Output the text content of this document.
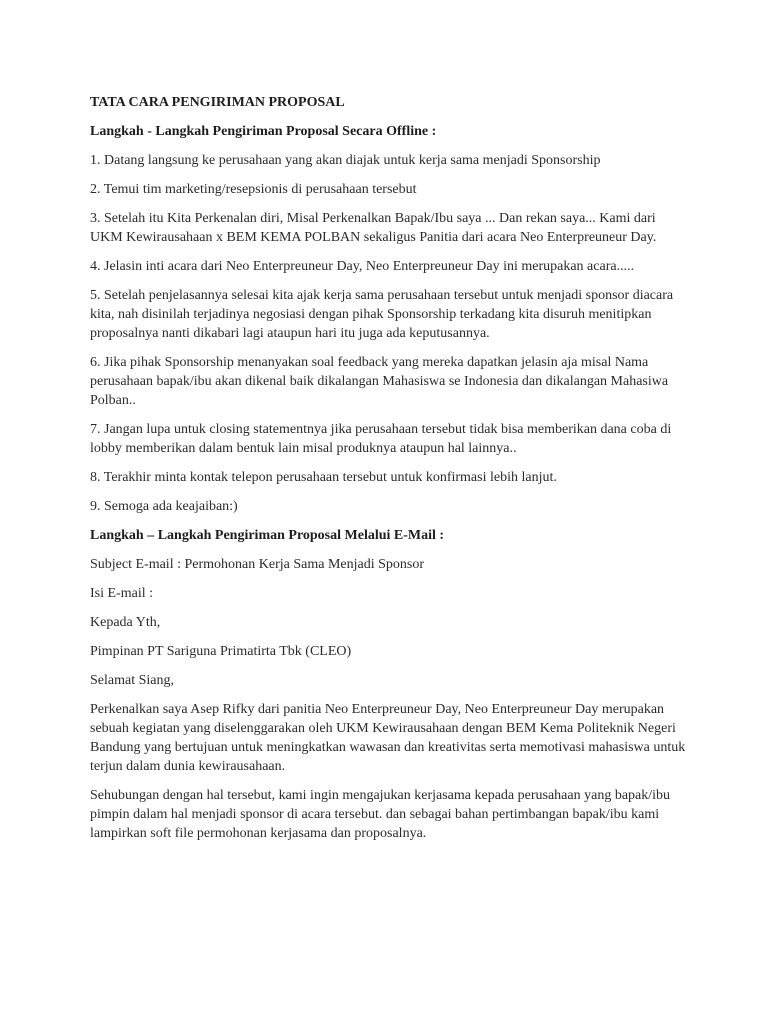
TATA CARA PENGIRIMAN PROPOSAL
Langkah - Langkah Pengiriman Proposal Secara Offline :

1. Datang langsung ke perusahaan yang akan diajak untuk kerja sama menjadi Sponsorship

2. Temui tim marketing/resepsionis di perusahaan tersebut

3. Setelah itu Kita Perkenalan diri, Misal Perkenalkan Bapak/Ibu saya ... Dan rekan saya... Kami dari UKM Kewirausahaan x BEM KEMA POLBAN sekaligus Panitia dari acara Neo Enterpreuneur Day.

4. Jelasin inti acara dari Neo Enterpreuneur Day, Neo Enterpreuneur Day ini merupakan acara.....

5. Setelah penjelasannya selesai kita ajak kerja sama perusahaan tersebut untuk menjadi sponsor diacara kita, nah disinilah terjadinya negosiasi dengan pihak Sponsorship terkadang kita disuruh menitipkan proposalnya nanti dikabari lagi ataupun hari itu juga ada keputusannya.

6. Jika pihak Sponsorship menanyakan soal feedback yang mereka dapatkan jelasin aja misal Nama perusahaan bapak/ibu akan dikenal baik dikalangan Mahasiswa se Indonesia dan dikalangan Mahasiwa Polban..

7. Jangan lupa untuk closing statementnya jika perusahaan tersebut tidak bisa memberikan dana coba di lobby memberikan dalam bentuk lain misal produknya ataupun hal lainnya..

8. Terakhir minta kontak telepon perusahaan tersebut untuk konfirmasi lebih lanjut.

9. Semoga ada keajaiban:)

Langkah – Langkah Pengiriman Proposal Melalui E-Mail :

Subject E-mail : Permohonan Kerja Sama Menjadi Sponsor

Isi E-mail :

Kepada Yth,

Pimpinan PT Sariguna Primatirta Tbk (CLEO)

Selamat Siang,

Perkenalkan saya Asep Rifky dari panitia Neo Enterpreuneur Day, Neo Enterpreuneur Day merupakan sebuah kegiatan yang diselenggarakan oleh UKM Kewirausahaan dengan BEM Kema Politeknik Negeri Bandung yang bertujuan untuk meningkatkan wawasan dan kreativitas serta memotivasi mahasiswa untuk terjun dalam dunia kewirausahaan.

Sehubungan dengan hal tersebut, kami ingin mengajukan kerjasama kepada perusahaan yang bapak/ibu pimpin dalam hal menjadi sponsor di acara tersebut. dan sebagai bahan pertimbangan bapak/ibu kami lampirkan soft file permohonan kerjasama dan proposalnya.
